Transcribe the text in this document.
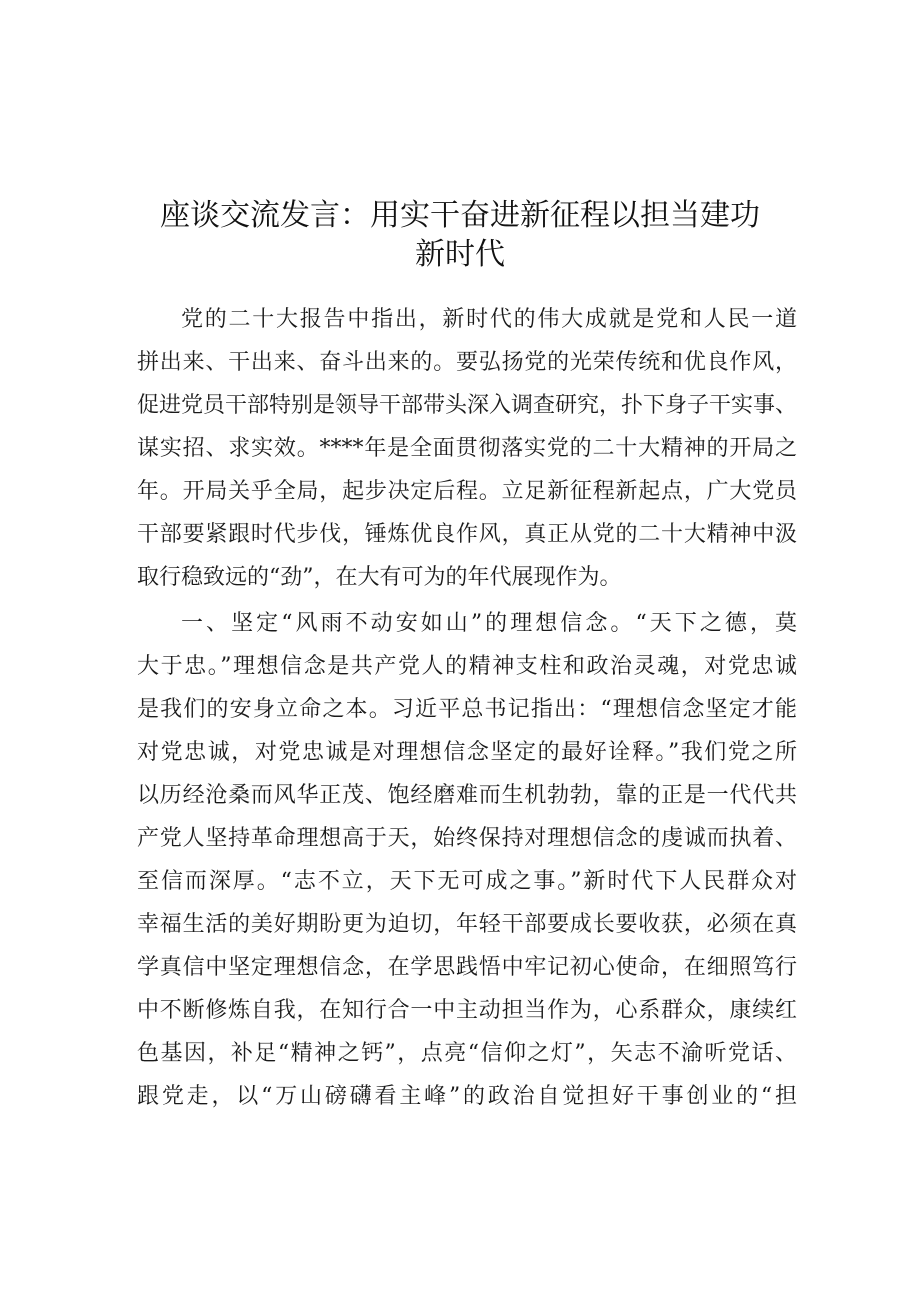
座谈交流发言：用实干奋进新征程以担当建功
新时代
党的二十大报告中指出，新时代的伟大成就是党和人民一道
拼出来、干出来、奋斗出来的。要弘扬党的光荣传统和优良作风，
促进党员干部特别是领导干部带头深入调查研究，扑下身子干实事、
谋实招、求实效。****年是全面贯彻落实党的二十大精神的开局之
年。开局关乎全局，起步决定后程。立足新征程新起点，广大党员
干部要紧跟时代步伐，锤炼优良作风，真正从党的二十大精神中汲
取行稳致远的“劲”，在大有可为的年代展现作为。
一、坚定“风雨不动安如山”的理想信念。“天下之德，莫
大于忠。”理想信念是共产党人的精神支柱和政治灵魂，对党忠诚
是我们的安身立命之本。习近平总书记指出：“理想信念坚定才能
对党忠诚，对党忠诚是对理想信念坚定的最好诠释。”我们党之所
以历经沧桑而风华正茂、饱经磨难而生机勃勃，靠的正是一代代共
产党人坚持革命理想高于天，始终保持对理想信念的虔诚而执着、
至信而深厚。“志不立，天下无可成之事。”新时代下人民群众对
幸福生活的美好期盼更为迫切，年轻干部要成长要收获，必须在真
学真信中坚定理想信念，在学思践悟中牢记初心使命，在细照笃行
中不断修炼自我，在知行合一中主动担当作为，心系群众，康续红
色基因，补足“精神之钙”，点亮“信仰之灯”，矢志不渝听党话、
跟党走，以“万山磅礴看主峰”的政治自觉担好干事创业的“担
